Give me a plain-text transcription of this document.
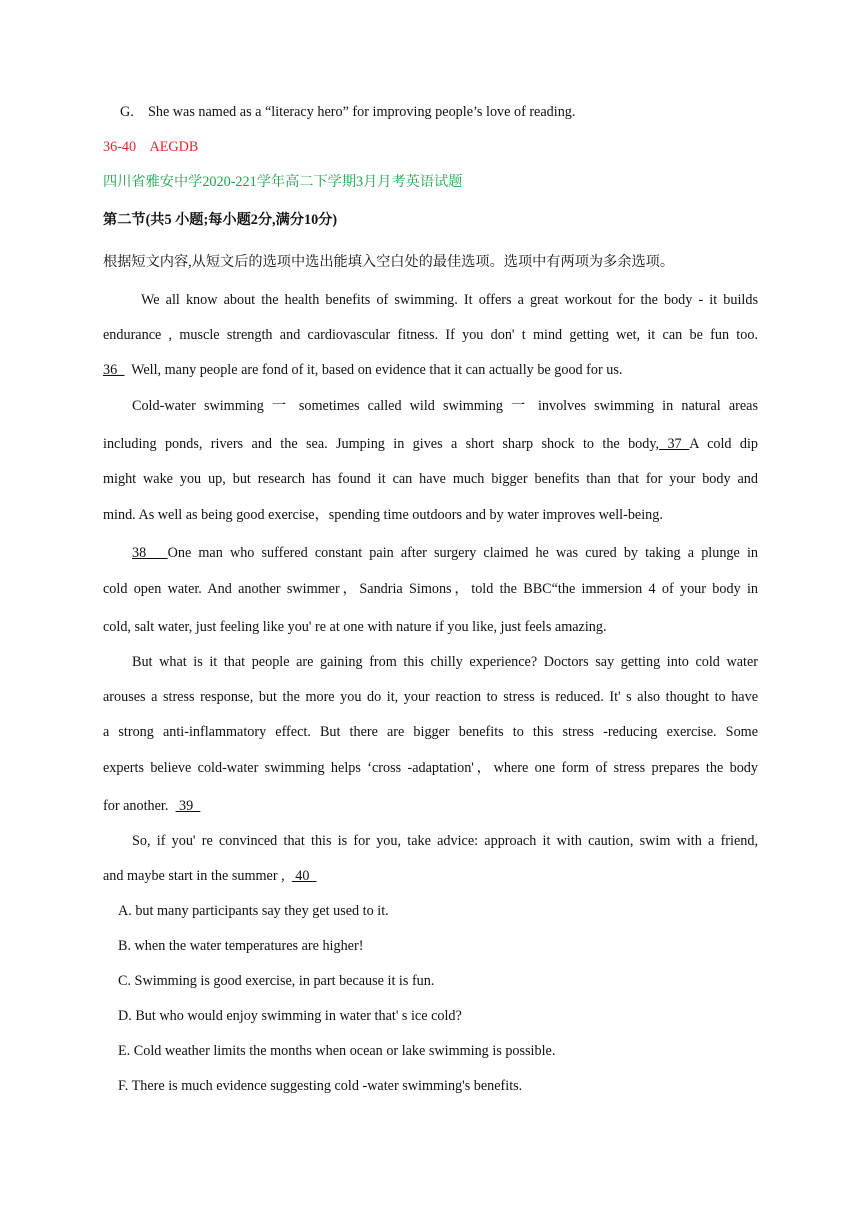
G.    She was named as a “literacy hero” for improving people’s love of reading.
36-40    AEGDB
四川省雅安中学2020-221学年高二下学期3月月考英语试题
第二节(共5 小题;每小题2分,满分10分)
根据短文内容,从短文后的选项中选出能填入空白处的最佳选项。选项中有两项为多余选项。
We all know about the health benefits of swimming. It offers a great workout for the body - it builds
endurance , muscle strength and cardiovascular fitness. If you don' t mind getting wet, it can be fun too.
36_  Well, many people are fond of it, based on evidence that it can actually be good for us.
Cold-water swimming 一 sometimes called wild swimming 一 involves swimming in natural areas
including ponds, rivers and the sea. Jumping in gives a short sharp shock to the body, 37 A cold dip
might wake you up, but research has found it can have much bigger benefits than that for your body and
mind. As well as being good exercise，spending time outdoors and by water improves well-being.
38   One man who suffered constant pain after surgery claimed he was cured by taking a plunge in
cold open water. And another swimmer，Sandria Simons，told the BBC“the immersion 4 of your body in
cold, salt water, just feeling like you' re at one with nature if you like, just feels amazing.
But what is it that people are gaining from this chilly experience? Doctors say getting into cold water
arouses a stress response, but the more you do it, your reaction to stress is reduced. It' s also thought to have
a strong anti-inflammatory effect. But there are bigger benefits to this stress -reducing exercise. Some
experts believe cold-water swimming helps ‘cross -adaptation'，where one form of stress prepares the body
for another.   39
So, if you' re convinced that this is for you, take advice: approach it with caution, swim with a friend,
and maybe start in the summer ,   40
A. but many participants say they get used to it.
B. when the water temperatures are higher!
C. Swimming is good exercise, in part because it is fun.
D. But who would enjoy swimming in water that' s ice cold?
E. Cold weather limits the months when ocean or lake swimming is possible.
F. There is much evidence suggesting cold -water swimming's benefits.
